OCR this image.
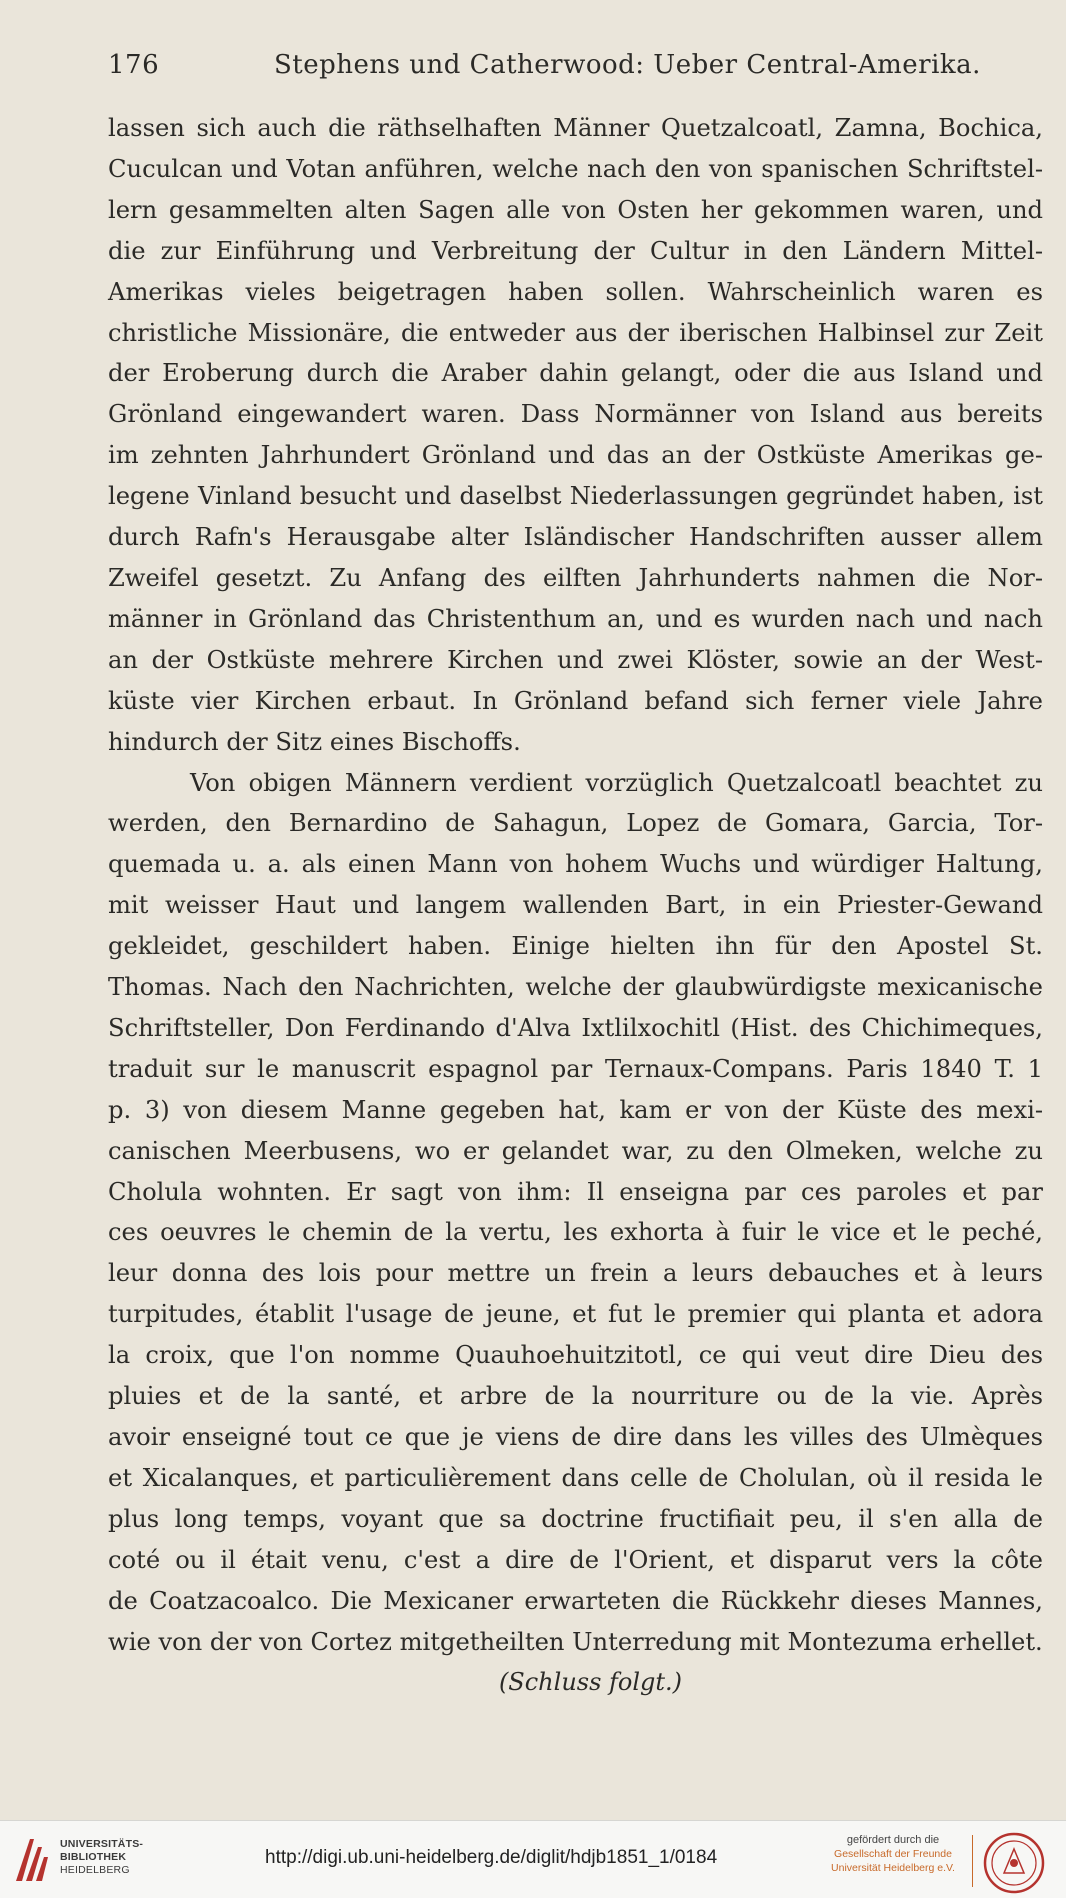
176	Stephens und Catherwood: Ueber Central-Amerika.

lassen sich auch die räthselhaften Männer Quetzalcoatl, Zamna, Bochica,
Cuculcan und Votan anführen, welche nach den von spanischen Schriftstel-
lern gesammelten alten Sagen alle von Osten her gekommen waren, und
die zur Einführung und Verbreitung der Cultur in den Ländern Mittel-
Amerikas vieles beigetragen haben sollen. Wahrscheinlich waren es
christliche Missionäre, die entweder aus der iberischen Halbinsel zur Zeit
der Eroberung durch die Araber dahin gelangt, oder die aus Island und
Grönland eingewandert waren. Dass Normänner von Island aus bereits
im zehnten Jahrhundert Grönland und das an der Ostküste Amerikas ge-
legene Vinland besucht und daselbst Niederlassungen gegründet haben, ist
durch Rafn's Herausgabe alter Isländischer Handschriften ausser allem
Zweifel gesetzt. Zu Anfang des eilften Jahrhunderts nahmen die Nor-
männer in Grönland das Christenthum an, und es wurden nach und nach
an der Ostküste mehrere Kirchen und zwei Klöster, sowie an der West-
küste vier Kirchen erbaut. In Grönland befand sich ferner viele Jahre
hindurch der Sitz eines Bischoffs.

Von obigen Männern verdient vorzüglich Quetzalcoatl beachtet zu
werden, den Bernardino de Sahagun, Lopez de Gomara, Garcia, Tor-
quemada u. a. als einen Mann von hohem Wuchs und würdiger Haltung,
mit weisser Haut und langem wallenden Bart, in ein Priester-Gewand
gekleidet, geschildert haben. Einige hielten ihn für den Apostel St.
Thomas. Nach den Nachrichten, welche der glaubwürdigste mexicanische
Schriftsteller, Don Ferdinando d'Alva Ixtlilxochitl (Hist. des Chichimeques,
traduit sur le manuscrit espagnol par Ternaux-Compans. Paris 1840 T. 1
p. 3) von diesem Manne gegeben hat, kam er von der Küste des mexi-
canischen Meerbusens, wo er gelandet war, zu den Olmeken, welche zu
Cholula wohnten. Er sagt von ihm: Il enseigna par ces paroles et par
ces oeuvres le chemin de la vertu, les exhorta à fuir le vice et le peché,
leur donna des lois pour mettre un frein a leurs debauches et à leurs
turpitudes, établit l'usage de jeune, et fut le premier qui planta et adora
la croix, que l'on nomme Quauhoehuitzitotl, ce qui veut dire Dieu des
pluies et de la santé, et arbre de la nourriture ou de la vie. Après
avoir enseigné tout ce que je viens de dire dans les villes des Ulmèques
et Xicalanques, et particulièrement dans celle de Cholulan, où il resida le
plus long temps, voyant que sa doctrine fructifiait peu, il s'en alla de
coté ou il était venu, c'est a dire de l'Orient, et disparut vers la côte
de Coatzacoalco. Die Mexicaner erwarteten die Rückkehr dieses Mannes,
wie von der von Cortez mitgetheilten Unterredung mit Montezuma erhellet.

(Schluss folgt.)
UNIVERSITÄTS-
BIBLIOTHEK
HEIDELBERG
http://digi.ub.uni-heidelberg.de/diglit/hdjb1851_1/0184
gefördert durch die
Gesellschaft der Freunde
Universität Heidelberg e.V.
